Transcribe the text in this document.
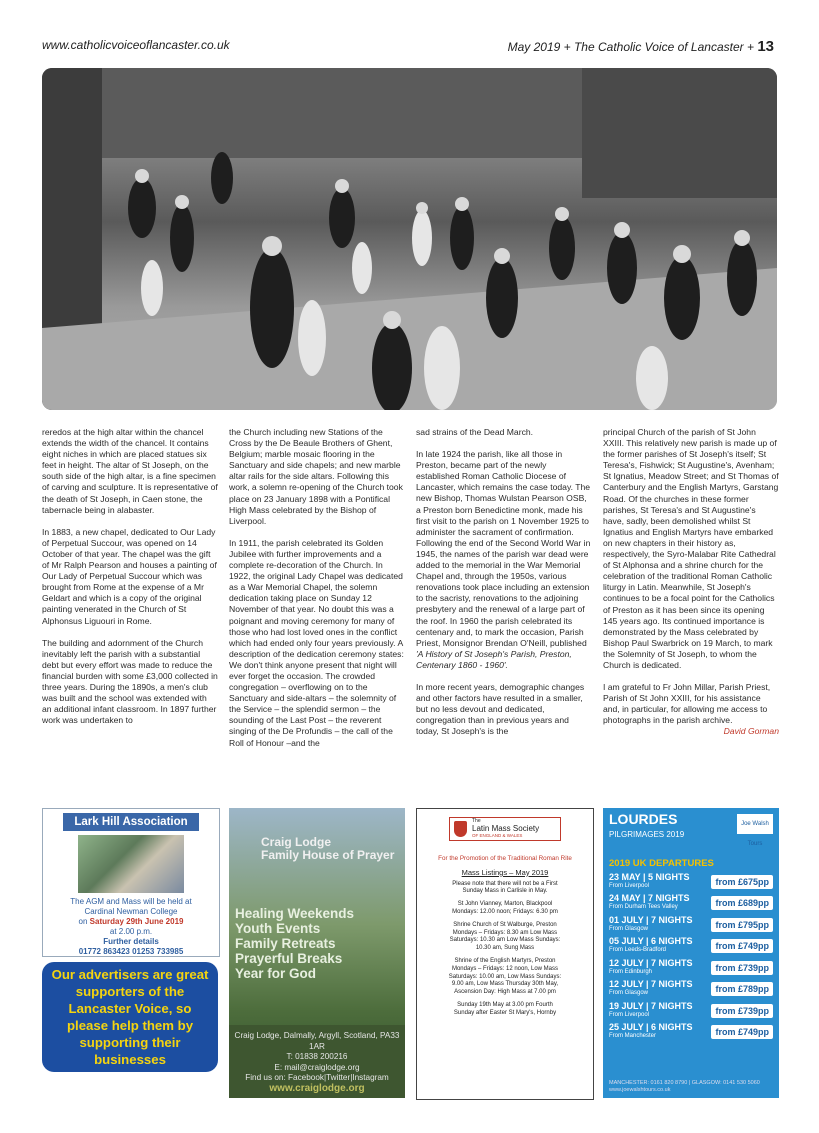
www.catholicvoiceoflancaster.co.uk	May 2019 + The Catholic Voice of Lancaster + 13

reredos at the high altar within the chancel extends the width of the chancel. It contains eight niches in which are placed statues six feet in height. The altar of St Joseph, on the south side of the high altar, is a fine specimen of carving and sculpture. It is representative of the death of St Joseph, in Caen stone, the tabernacle being in alabaster.

In 1883, a new chapel, dedicated to Our Lady of Perpetual Succour, was opened on 14 October of that year. The chapel was the gift of Mr Ralph Pearson and houses a painting of Our Lady of Perpetual Succour which was brought from Rome at the expense of a Mr Geldart and which is a copy of the original painting venerated in the Church of St Alphonsus Liguouri in Rome.

The building and adornment of the Church inevitably left the parish with a substantial debt but every effort was made to reduce the financial burden with some £3,000 collected in three years. During the 1890s, a men's club was built and the school was extended with an additional infant classroom. In 1897 further work was undertaken to

the Church including new Stations of the Cross by the De Beaule Brothers of Ghent, Belgium; marble mosaic flooring in the Sanctuary and side chapels; and new marble altar rails for the side altars. Following this work, a solemn re-opening of the Church took place on 23 January 1898 with a Pontifical High Mass celebrated by the Bishop of Liverpool.

In 1911, the parish celebrated its Golden Jubilee with further improvements and a complete re-decoration of the Church. In 1922, the original Lady Chapel was dedicated as a War Memorial Chapel, the solemn dedication taking place on Sunday 12 November of that year. No doubt this was a poignant and moving ceremony for many of those who had lost loved ones in the conflict which had ended only four years previously. A description of the dedication ceremony states: We don't think anyone present that night will ever forget the occasion. The crowded congregation – overflowing on to the Sanctuary and side-altars – the solemnity of the Service – the splendid sermon – the sounding of the Last Post – the reverent singing of the De Profundis – the call of the Roll of Honour –and the

sad strains of the Dead March.

In late 1924 the parish, like all those in Preston, became part of the newly established Roman Catholic Diocese of Lancaster, which remains the case today. The new Bishop, Thomas Wulstan Pearson OSB, a Preston born Benedictine monk, made his first visit to the parish on 1 November 1925 to administer the sacrament of confirmation. Following the end of the Second World War in 1945, the names of the parish war dead were added to the memorial in the War Memorial Chapel and, through the 1950s, various renovations took place including an extension to the sacristy, renovations to the adjoining presbytery and the renewal of a large part of the roof. In 1960 the parish celebrated its centenary and, to mark the occasion, Parish Priest, Monsignor Brendan O'Neill, published 'A History of St Joseph's Parish, Preston, Centenary 1860 - 1960'.

In more recent years, demographic changes and other factors have resulted in a smaller, but no less devout and dedicated, congregation than in previous years and today, St Joseph's is the

principal Church of the parish of St John XXIII. This relatively new parish is made up of the former parishes of St Joseph's itself; St Teresa's, Fishwick; St Augustine's, Avenham; St Ignatius, Meadow Street; and St Thomas of Canterbury and the English Martyrs, Garstang Road. Of the churches in these former parishes, St Teresa's and St Augustine's have, sadly, been demolished whilst St Ignatius and English Martyrs have embarked on new chapters in their history as, respectively, the Syro-Malabar Rite Cathedral of St Alphonsa and a shrine church for the celebration of the traditional Roman Catholic liturgy in Latin. Meanwhile, St Joseph's continues to be a focal point for the Catholics of Preston as it has been since its opening 145 years ago. Its continued importance is demonstrated by the Mass celebrated by Bishop Paul Swarbrick on 19 March, to mark the Solemnity of St Joseph, to whom the Church is dedicated.

I am grateful to Fr John Millar, Parish Priest, Parish of St John XXIII, for his assistance and, in particular, for allowing me access to photographs in the parish archive.
David Gorman

Lark Hill Association
The AGM and Mass will be held at
Cardinal Newman College
on Saturday 29th June 2019
at 2.00 p.m.
Further details
01772 863423 01253 733985
Our advertisers are great supporters of the Lancaster Voice, so please help them by supporting their businesses
Craig Lodge
Family House of Prayer
Healing Weekends
Youth Events
Family Retreats
Prayerful Breaks
Year for God
Craig Lodge, Dalmally, Argyll, Scotland, PA33 1AR
T: 01838 200216
E: mail@craiglodge.org
Find us on: Facebook|Twitter|Instagram
www.craiglodge.org
The
Latin Mass Society
OF ENGLAND & WALES
For the Promotion of the Traditional Roman Rite
Mass Listings – May 2019

Please note that there will not be a First Sunday Mass in Carlisle in May.

St John Vianney, Marton, Blackpool Mondays: 12.00 noon; Fridays: 6.30 pm

Shrine Church of St Walburge, Preston Mondays – Fridays: 8.30 am Low Mass Saturdays: 10.30 am Low Mass Sundays: 10.30 am, Sung Mass

Shrine of the English Martyrs, Preston Mondays – Fridays: 12 noon, Low Mass Saturdays: 10.00 am, Low Mass Sundays: 9.00 am, Low Mass Thursday 30th May, Ascension Day: High Mass at 7.00 pm

Sunday 19th May at 3.00 pm Fourth Sunday after Easter St Mary's, Hornby

LOURDES
PILGRIMAGES 2019
Joe Walsh Tours
2019 UK DEPARTURES
23 MAY | 5 NIGHTS
From Liverpool	from £675pp
24 MAY | 7 NIGHTS
From Durham Tees Valley	from £689pp
01 JULY | 7 NIGHTS
From Glasgow	from £795pp
05 JULY | 6 NIGHTS
From Leeds-Bradford	from £749pp
12 JULY | 7 NIGHTS
From Edinburgh	from £739pp
12 JULY | 7 NIGHTS
From Glasgow	from £789pp
19 JULY | 7 NIGHTS
From Liverpool	from £739pp
25 JULY | 6 NIGHTS
From Manchester	from £749pp
MANCHESTER: 0161 820 8790 | GLASGOW: 0141 530 5060 www.joewalshtours.co.uk
